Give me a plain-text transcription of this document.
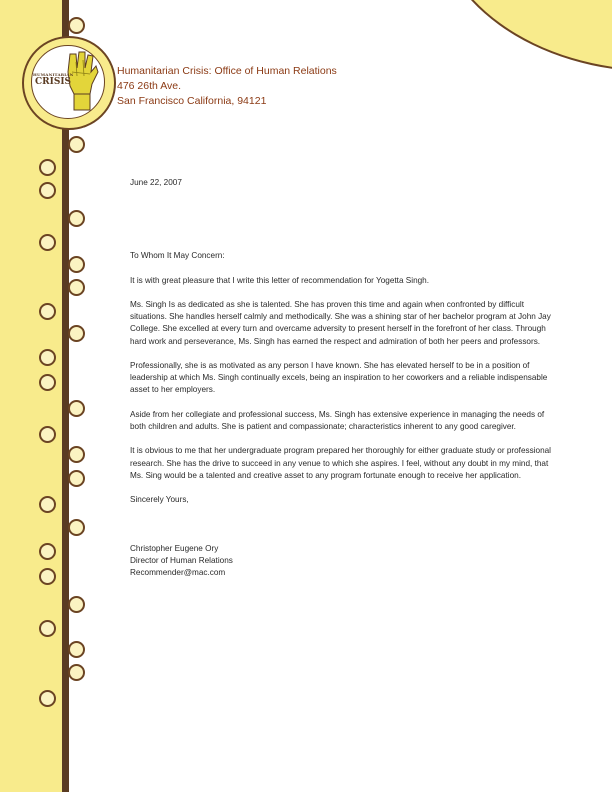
HUMANITARIAN
CRISIS
Humanitarian Crisis: Office of Human Relations
476 26th Ave.
San Francisco California, 94121

June 22, 2007

To Whom It May Concern:

It is with great pleasure that I write this letter of recommendation for Yogetta Singh.

Ms. Singh Is as dedicated as she is talented. She has proven this time and again when confronted by difficult situations. She handles herself calmly and methodically. She was a shining star of her bachelor program at John Jay College. She excelled at every turn and overcame adversity to present herself in the forefront of her class. Through hard work and perseverance, Ms. Singh has earned the respect and admiration of both her peers and professors.

Professionally, she is as motivated as any person I have known. She has elevated herself to be in a position of leadership at which Ms. Singh continually excels, being an inspiration to her coworkers and a reliable indispensable asset to her employers.

Aside from her collegiate and professional success, Ms. Singh has extensive experience in managing the needs of both children and adults. She is patient and compassionate; characteristics inherent to any good caregiver.

It is obvious to me that her undergraduate program prepared her thoroughly for either graduate study or professional research. She has the drive to succeed in any venue to which she aspires. I feel, without any doubt in my mind, that Ms. Sing would be a talented and creative asset to any program fortunate enough to receive her application.

Sincerely Yours,

Christopher Eugene Ory
Director of Human Relations
Recommender@mac.com
